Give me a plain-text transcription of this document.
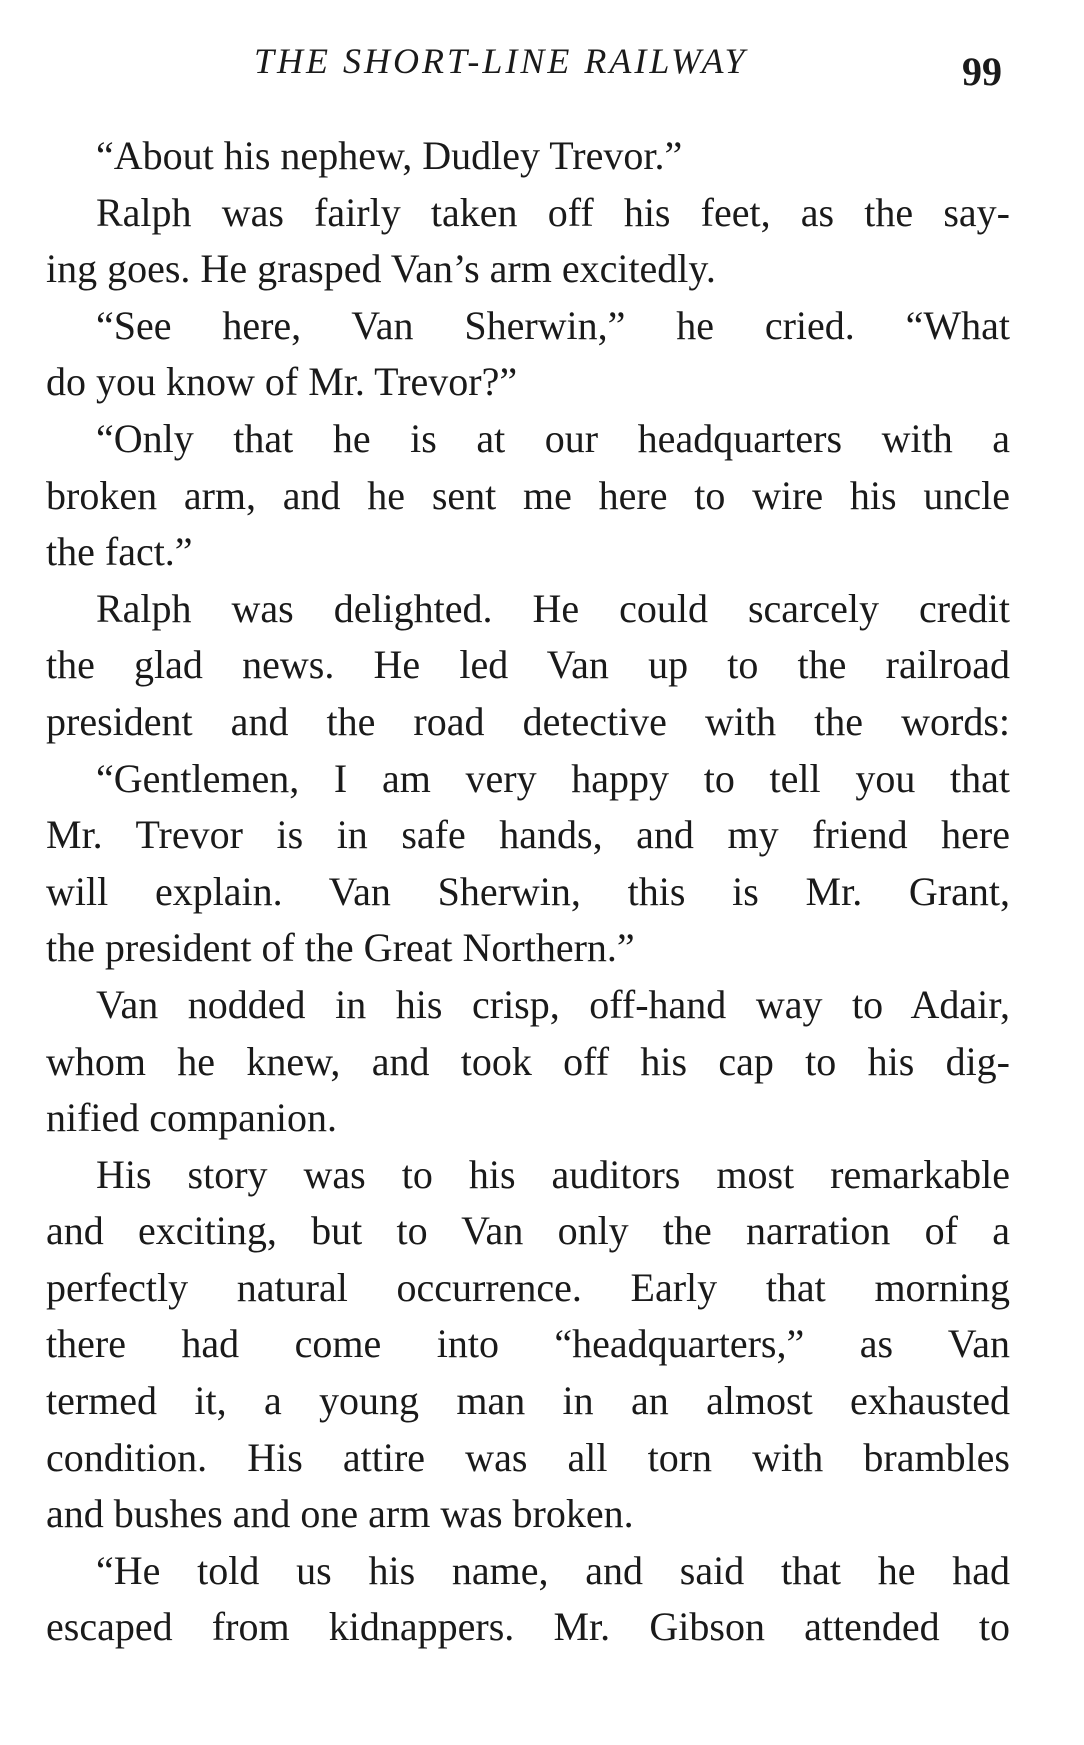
THE SHORT-LINE RAILWAY	99
“About his nephew, Dudley Trevor.”
Ralph was fairly taken off his feet, as the say-
ing goes. He grasped Van’s arm excitedly.
“See here, Van Sherwin,” he cried. “What
do you know of Mr. Trevor?”
“Only that he is at our headquarters with a
broken arm, and he sent me here to wire his uncle
the fact.”
Ralph was delighted. He could scarcely credit
the glad news. He led Van up to the railroad
president and the road detective with the words:
“Gentlemen, I am very happy to tell you that
Mr. Trevor is in safe hands, and my friend here
will explain. Van Sherwin, this is Mr. Grant,
the president of the Great Northern.”
Van nodded in his crisp, off-hand way to Adair,
whom he knew, and took off his cap to his dig-
nified companion.
His story was to his auditors most remarkable
and exciting, but to Van only the narration of a
perfectly natural occurrence. Early that morning
there had come into “headquarters,” as Van
termed it, a young man in an almost exhausted
condition. His attire was all torn with brambles
and bushes and one arm was broken.
“He told us his name, and said that he had
escaped from kidnappers. Mr. Gibson attended to
